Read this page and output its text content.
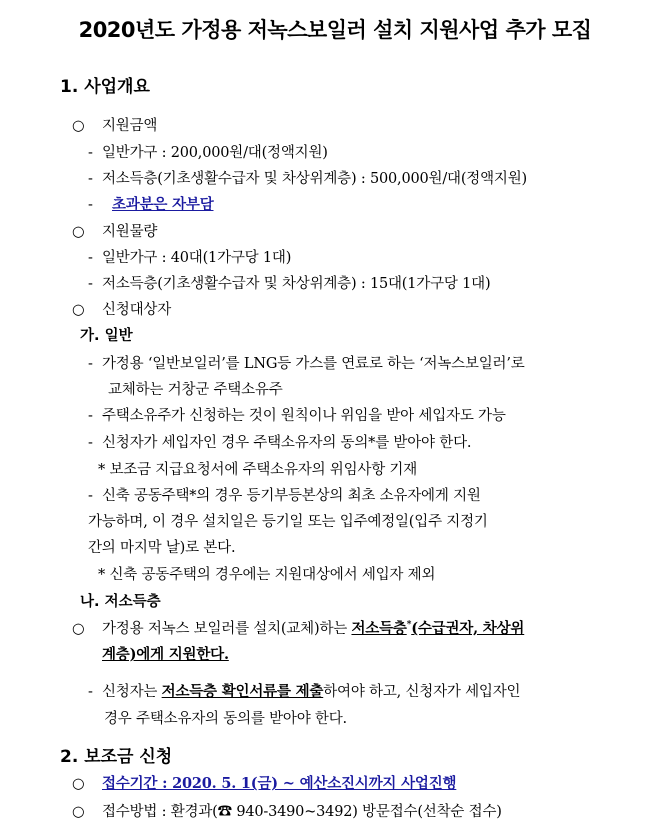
2020년도 가정용 저녹스보일러 설치 지원사업 추가 모집
1. 사업개요
○ 지원금액
- 일반가구 : 200,000원/대(정액지원)
- 저소득층(기초생활수급자 및 차상위계층) : 500,000원/대(정액지원)
- 초과분은 자부담
○ 지원물량
- 일반가구 : 40대(1가구당 1대)
- 저소득층(기초생활수급자 및 차상위계층) : 15대(1가구당 1대)
○ 신청대상자
가. 일반
- 가정용 ‘일반보일러’를 LNG등 가스를 연료로 하는 ‘저녹스보일러’로
교체하는 거창군 주택소유주
- 주택소유주가 신청하는 것이 원칙이나 위임을 받아 세입자도 가능
- 신청자가 세입자인 경우 주택소유자의 동의*를 받아야 한다.
* 보조금 지급요청서에 주택소유자의 위임사항 기재
- 신축 공동주택*의 경우 등기부등본상의 최초 소유자에게 지원
가능하며, 이 경우 설치일은 등기일 또는 입주예정일(입주 지정기
간의 마지막 날)로 본다.
* 신축 공동주택의 경우에는 지원대상에서 세입자 제외
나. 저소득층
○ 가정용 저녹스 보일러를 설치(교체)하는 저소득층*(수급권자, 차상위
계층)에게 지원한다.
- 신청자는 저소득층 확인서류를 제출하여야 하고, 신청자가 세입자인
경우 주택소유자의 동의를 받아야 한다.
2. 보조금 신청
○ 접수기간 : 2020. 5. 1(금) ~ 예산소진시까지 사업진행
○ 접수방법 : 환경과(☎ 940-3490~3492) 방문접수(선착순 접수)
